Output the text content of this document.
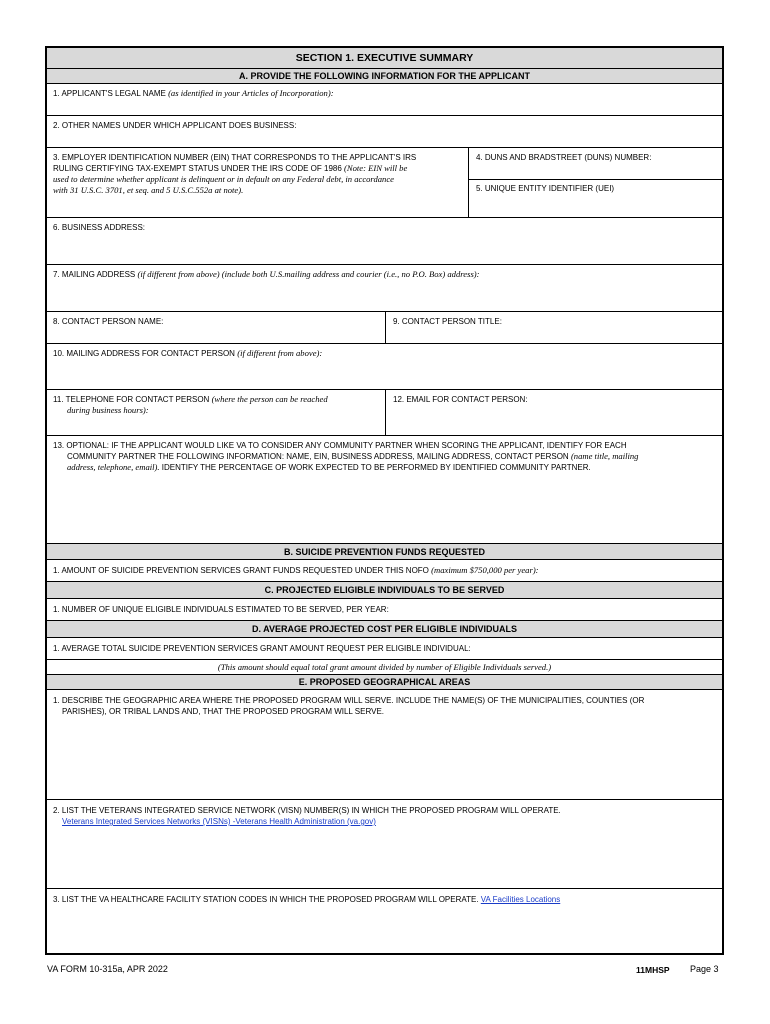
SECTION 1. EXECUTIVE SUMMARY
A. PROVIDE THE FOLLOWING INFORMATION FOR THE APPLICANT
1. APPLICANT'S LEGAL NAME (as identified in your Articles of Incorporation):
2. OTHER NAMES UNDER WHICH APPLICANT DOES BUSINESS:
3. EMPLOYER IDENTIFICATION NUMBER (EIN) THAT CORRESPONDS TO THE APPLICANT'S IRS
RULING CERTIFYING TAX-EXEMPT STATUS UNDER THE IRS CODE OF 1986 (Note: EIN will be
used to determine whether applicant is delinquent or in default on any Federal debt, in accordance
with 31 U.S.C. 3701, et seq. and 5 U.S.C.552a at note).
4. DUNS AND BRADSTREET (DUNS) NUMBER:
5. UNIQUE ENTITY IDENTIFIER (UEI)
6. BUSINESS ADDRESS:
7. MAILING ADDRESS (if different from above) (include both U.S.mailing address and courier (i.e., no P.O. Box) address):
8. CONTACT PERSON NAME:	9. CONTACT PERSON TITLE:
10. MAILING ADDRESS FOR CONTACT PERSON (if different from above):
11. TELEPHONE FOR CONTACT PERSON (where the person can be reached
during business hours):
12. EMAIL FOR CONTACT PERSON:
13. OPTIONAL: IF THE APPLICANT WOULD LIKE VA TO CONSIDER ANY COMMUNITY PARTNER WHEN SCORING THE APPLICANT, IDENTIFY FOR EACH
COMMUNITY PARTNER THE FOLLOWING INFORMATION: NAME, EIN, BUSINESS ADDRESS, MAILING ADDRESS, CONTACT PERSON (name title, mailing
address, telephone, email). IDENTIFY THE PERCENTAGE OF WORK EXPECTED TO BE PERFORMED BY IDENTIFIED COMMUNITY PARTNER.
B. SUICIDE PREVENTION FUNDS REQUESTED
1. AMOUNT OF SUICIDE PREVENTION SERVICES GRANT FUNDS REQUESTED UNDER THIS NOFO (maximum $750,000 per year):
C. PROJECTED ELIGIBLE INDIVIDUALS TO BE SERVED
1. NUMBER OF UNIQUE ELIGIBLE INDIVIDUALS ESTIMATED TO BE SERVED, PER YEAR:
D. AVERAGE PROJECTED COST PER ELIGIBLE INDIVIDUALS
1. AVERAGE TOTAL SUICIDE PREVENTION SERVICES GRANT AMOUNT REQUEST PER ELIGIBLE INDIVIDUAL:
(This amount should equal total grant amount divided by number of Eligible Individuals served.)
E. PROPOSED GEOGRAPHICAL AREAS
1. DESCRIBE THE GEOGRAPHIC AREA WHERE THE PROPOSED PROGRAM WILL SERVE. INCLUDE THE NAME(S) OF THE MUNICIPALITIES, COUNTIES (OR
PARISHES), OR TRIBAL LANDS AND, THAT THE PROPOSED PROGRAM WILL SERVE.
2. LIST THE VETERANS INTEGRATED SERVICE NETWORK (VISN) NUMBER(S) IN WHICH THE PROPOSED PROGRAM WILL OPERATE.
Veterans Integrated Services Networks (VISNs) -Veterans Health Administration (va.gov)
3. LIST THE VA HEALTHCARE FACILITY STATION CODES IN WHICH THE PROPOSED PROGRAM WILL OPERATE. VA Facilities Locations
VA FORM 10-315a, APR 2022	11MHSP Page 3
